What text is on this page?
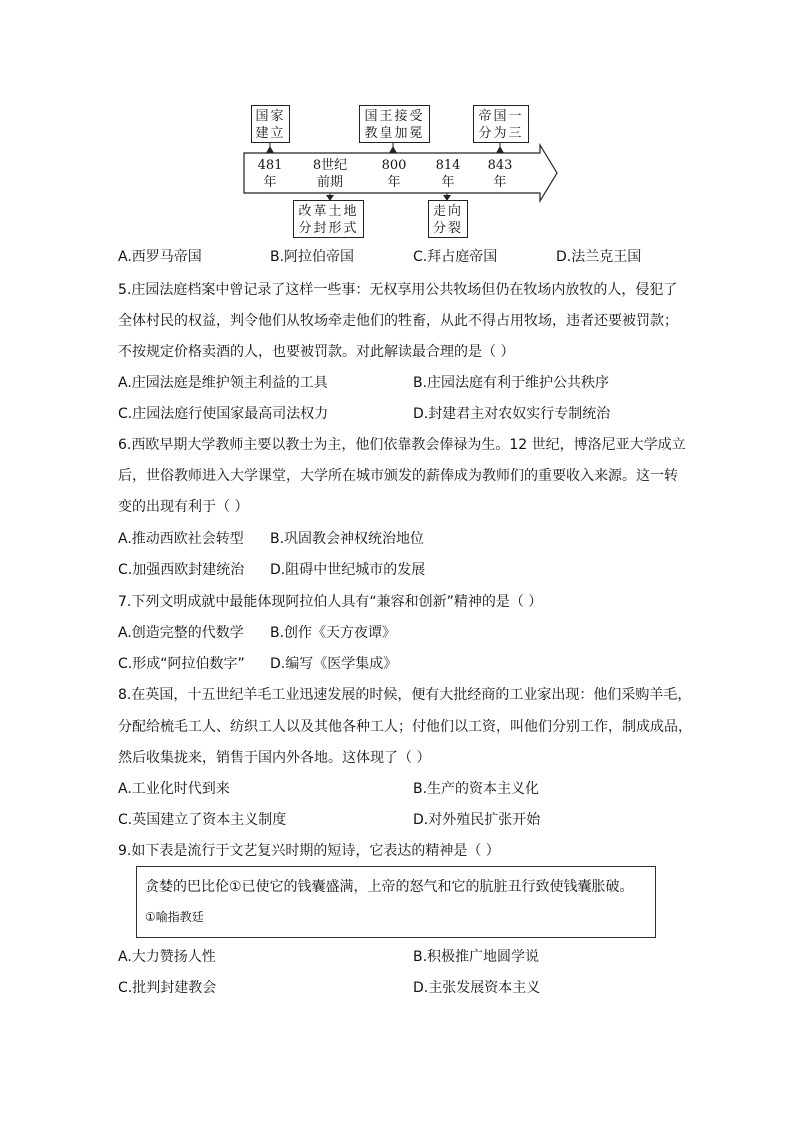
国家
建立
国王接受
教皇加冕
帝国一
分为三
481
年
8世纪
前期
800
年
814
年
843
年
改革土地
分封形式
走向
分裂
A.西罗马帝国	B.阿拉伯帝国	C.拜占庭帝国	D.法兰克王国
5.庄园法庭档案中曾记录了这样一些事：无权享用公共牧场但仍在牧场内放牧的人，侵犯了
全体村民的权益，判令他们从牧场牵走他们的牲畜，从此不得占用牧场，违者还要被罚款；
不按规定价格卖酒的人，也要被罚款。对此解读最合理的是（ ）
A.庄园法庭是维护领主利益的工具	B.庄园法庭有利于维护公共秩序
C.庄园法庭行使国家最高司法权力	D.封建君主对农奴实行专制统治
6.西欧早期大学教师主要以教士为主，他们依靠教会俸禄为生。12 世纪，博洛尼亚大学成立
后，世俗教师进入大学课堂，大学所在城市颁发的薪俸成为教师们的重要收入来源。这一转
变的出现有利于（ ）
A.推动西欧社会转型 B.巩固教会神权统治地位
C.加强西欧封建统治 D.阻碍中世纪城市的发展
7.下列文明成就中最能体现阿拉伯人具有“兼容和创新”精神的是（ ）
A.创造完整的代数学 B.创作《天方夜谭》
C.形成“阿拉伯数字” D.编写《医学集成》
8.在英国，十五世纪羊毛工业迅速发展的时候，便有大批经商的工业家出现：他们采购羊毛，
分配给梳毛工人、纺织工人以及其他各种工人；付他们以工资，叫他们分别工作，制成成品，
然后收集拢来，销售于国内外各地。这体现了（ ）
A.工业化时代到来	B.生产的资本主义化
C.英国建立了资本主义制度	D.对外殖民扩张开始
9.如下表是流行于文艺复兴时期的短诗，它表达的精神是（ ）
贪婪的巴比伦①已使它的钱囊盛满，上帝的怒气和它的肮脏丑行致使钱囊胀破。
①喻指教廷
A.大力赞扬人性	B.积极推广地圆学说
C.批判封建教会	D.主张发展资本主义
